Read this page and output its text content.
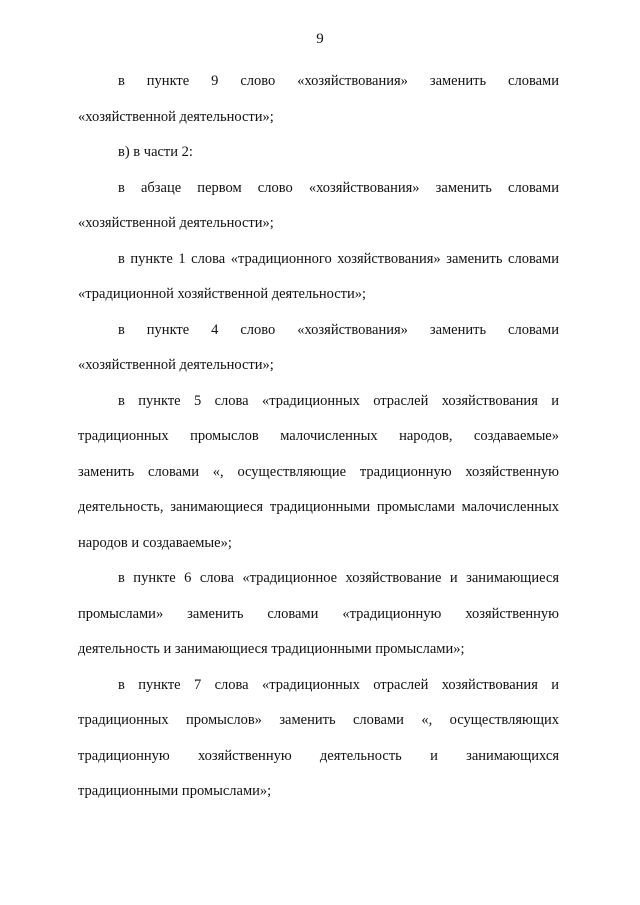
9

в пункте 9 слово «хозяйствования» заменить словами
«хозяйственной деятельности»;

в) в части 2:

в абзаце первом слово «хозяйствования» заменить словами
«хозяйственной деятельности»;

в пункте 1 слова «традиционного хозяйствования» заменить словами
«традиционной хозяйственной деятельности»;

в пункте 4 слово «хозяйствования» заменить словами
«хозяйственной деятельности»;

в пункте 5 слова «традиционных отраслей хозяйствования и
традиционных промыслов малочисленных народов, создаваемые»
заменить словами «, осуществляющие традиционную хозяйственную
деятельность, занимающиеся традиционными промыслами малочисленных
народов и создаваемые»;

в пункте 6 слова «традиционное хозяйствование и занимающиеся
промыслами» заменить словами «традиционную хозяйственную
деятельность и занимающиеся традиционными промыслами»;

в пункте 7 слова «традиционных отраслей хозяйствования и
традиционных промыслов» заменить словами «, осуществляющих
традиционную хозяйственную деятельность и занимающихся
традиционными промыслами»;
